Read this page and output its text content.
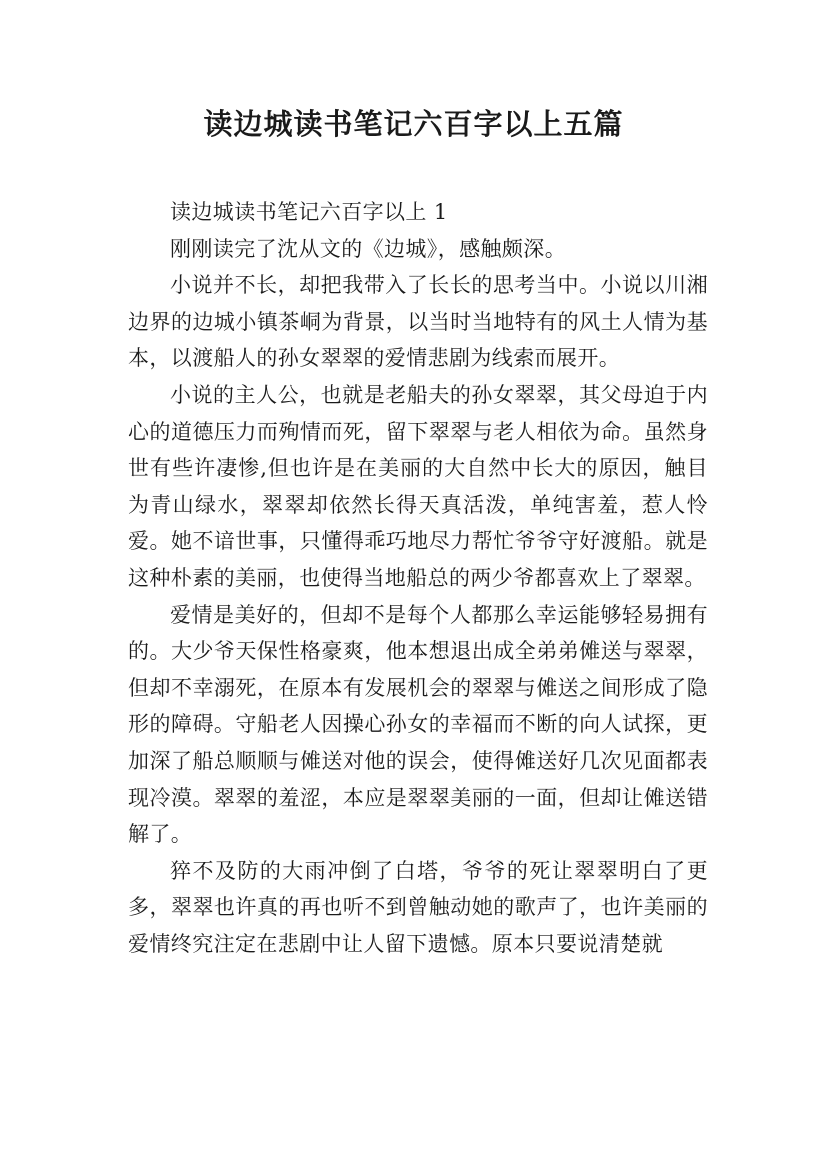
读边城读书笔记六百字以上五篇

读边城读书笔记六百字以上 1

刚刚读完了沈从文的《边城》，感触颇深。

小说并不长，却把我带入了长长的思考当中。小说以川湘边界的边城小镇茶峒为背景，以当时当地特有的风土人情为基本，以渡船人的孙女翠翠的爱情悲剧为线索而展开。

小说的主人公，也就是老船夫的孙女翠翠，其父母迫于内心的道德压力而殉情而死，留下翠翠与老人相依为命。虽然身世有些许凄惨,但也许是在美丽的大自然中长大的原因，触目为青山绿水，翠翠却依然长得天真活泼，单纯害羞，惹人怜爱。她不谙世事，只懂得乖巧地尽力帮忙爷爷守好渡船。就是这种朴素的美丽，也使得当地船总的两少爷都喜欢上了翠翠。

爱情是美好的，但却不是每个人都那么幸运能够轻易拥有的。大少爷天保性格豪爽，他本想退出成全弟弟傩送与翠翠，但却不幸溺死，在原本有发展机会的翠翠与傩送之间形成了隐形的障碍。守船老人因操心孙女的幸福而不断的向人试探，更加深了船总顺顺与傩送对他的误会，使得傩送好几次见面都表现冷漠。翠翠的羞涩，本应是翠翠美丽的一面，但却让傩送错解了。

猝不及防的大雨冲倒了白塔，爷爷的死让翠翠明白了更多，翠翠也许真的再也听不到曾触动她的歌声了，也许美丽的爱情终究注定在悲剧中让人留下遗憾。原本只要说清楚就
